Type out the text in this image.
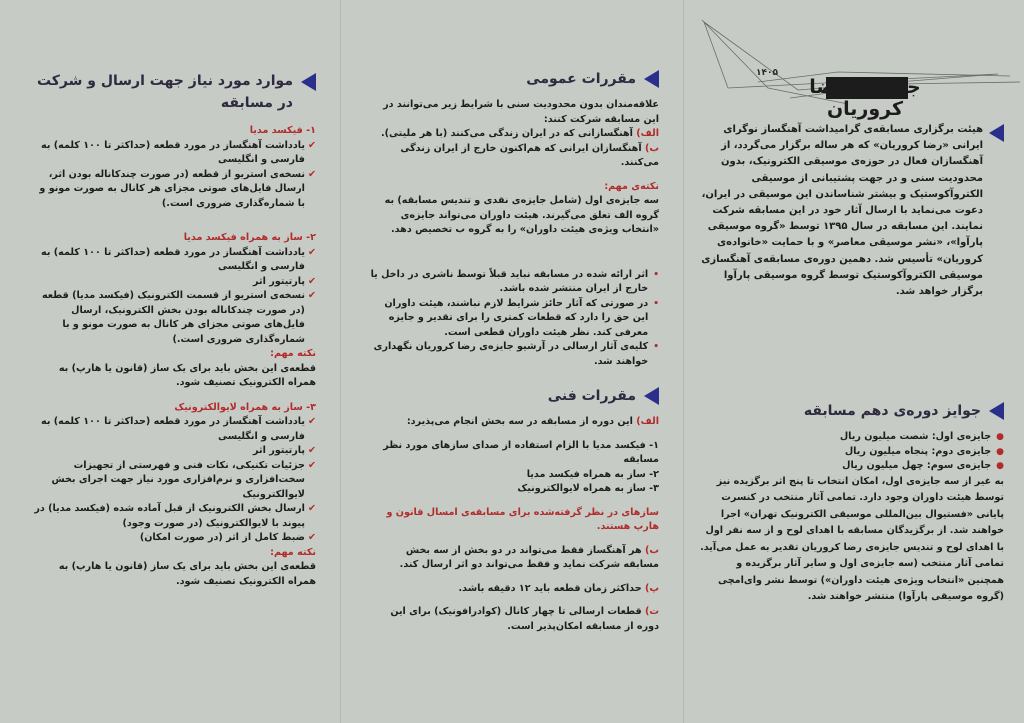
۱۴۰۵
جایزه‌ی رضا کروریان

هیئت برگزاری مسابقه‌ی گرامیداشت آهنگساز نوگرای ایرانی «رضا کروریان» که هر ساله برگزار می‌گردد، از آهنگسازان فعال در حوزه‌ی موسیقی الکترونیک، بدون محدودیت سنی و در جهت پشتیبانی از موسیقی الکتروآکوستیک و بیشتر شناساندن این موسیقی در ایران، دعوت می‌نماید با ارسال آثار خود در این مسابقه شرکت نمایند. این مسابقه در سال ۱۳۹۵ توسط «گروه موسیقی پارآوا»، «نشر موسیقی معاصر» و با حمایت «خانواده‌ی کروریان» تأسیس شد. دهمین دوره‌ی مسابقه‌ی آهنگسازی موسیقی الکتروآکوستیک توسط گروه موسیقی پارآوا برگزار خواهد شد.

جوایز دوره‌ی دهم مسابقه
●
جایزه‌ی اول: شصت میلیون ریال
●
جایزه‌ی دوم: پنجاه میلیون ریال
●
جایزه‌ی سوم: چهل میلیون ریال

به غیر از سه جایزه‌ی اول، امکان انتخاب تا پنج اثر برگزیده نیز توسط هیئت داوران وجود دارد. تمامی آثار منتخب در کنسرت پایانی «فستیوال بین‌المللی موسیقی الکترونیک تهران» اجرا خواهند شد. از برگزیدگان مسابقه با اهدای لوح و از سه نفر اول با اهدای لوح و تندیس جایزه‌ی رضا کروریان تقدیر به عمل می‌آید.

تمامی آثار منتخب (سه جایزه‌ی اول و سایر آثار برگزیده و همچنین «انتخاب ویژه‌ی هیئت داوران») توسط نشر وای‌امچی (گروه موسیقی پارآوا) منتشر خواهند شد.

مقررات عمومی

علاقه‌مندان بدون محدودیت سنی با شرایط زیر می‌توانند در این مسابقه شرکت کنند:

الف) آهنگسازانی که در ایران زندگی می‌کنند (با هر ملیتی).

ب) آهنگسازان ایرانی که هم‌اکنون خارج از ایران زندگی می‌کنند.

نکته‌ی مهم:

سه جایزه‌ی اول (شامل جایزه‌ی نقدی و تندیس مسابقه) به گروه الف تعلق می‌گیرند. هیئت داوران می‌تواند جایزه‌ی «انتخاب ویژه‌ی هیئت داوران» را به گروه ب تخصیص دهد.

•
اثر ارائه شده در مسابقه نباید قبلاً توسط ناشری در داخل یا خارج از ایران منتشر شده باشد.
•
در صورتی که آثار حائز شرایط لازم نباشند، هیئت داوران این حق را دارد که قطعات کمتری را برای تقدیر و جایزه معرفی کند. نظر هیئت داوران قطعی است.
•
کلیه‌ی آثار ارسالی در آرشیو جایزه‌ی رضا کروریان نگهداری خواهند شد.
مقررات فنی

الف) این دوره از مسابقه در سه بخش انجام می‌پذیرد:

۱- فیکسد مدیا با الزام استفاده از صدای سازهای مورد نظر مسابقه

۲- ساز به همراه فیکسد مدیا

۳- ساز به همراه لایوالکترونیک

سازهای در نظر گرفته‌شده برای مسابقه‌ی امسال قانون و هارپ هستند.

ب) هر آهنگساز فقط می‌تواند در دو بخش از سه بخش مسابقه شرکت نماید و فقط می‌تواند دو اثر ارسال کند.

پ) حداکثر زمان قطعه باید ۱۲ دقیقه باشد.

ت) قطعات ارسالی تا چهار کانال (کوادرافونیک) برای این دوره از مسابقه امکان‌پذیر است.

موارد مورد نیاز جهت ارسال و شرکت در مسابقه
۱- فیکسد مدیا
✔
یادداشت آهنگساز در مورد قطعه (حداکثر تا ۱۰۰ کلمه) به فارسی و انگلیسی
✔
نسخه‌ی استریو از قطعه (در صورت چندکاناله بودن اثر، ارسال فایل‌های صوتی مجزای هر کانال به صورت مونو و با شماره‌گذاری ضروری است.)
۲- ساز به همراه فیکسد مدیا
✔
یادداشت آهنگساز در مورد قطعه (حداکثر تا ۱۰۰ کلمه) به فارسی و انگلیسی
✔
پارتیتور اثر
✔
نسخه‌ی استریو از قسمت الکترونیک (فیکسد مدیا) قطعه (در صورت چندکاناله بودن بخش الکترونیک، ارسال فایل‌های صوتی مجزای هر کانال به صورت مونو و با شماره‌گذاری ضروری است.)
نکته مهم:

قطعه‌ی این بخش باید برای یک ساز (قانون یا هارپ) به همراه الکترونیک تصنیف شود.

۳- ساز به همراه لایوالکترونیک
✔
یادداشت آهنگساز در مورد قطعه (حداکثر تا ۱۰۰ کلمه) به فارسی و انگلیسی
✔
پارتیتور اثر
✔
جزئیات تکنیکی، نکات فنی و فهرستی از تجهیزات سخت‌افزاری و نرم‌افزاری مورد نیاز جهت اجرای بخش لایوالکترونیک
✔
ارسال بخش الکترونیک از قبل آماده شده (فیکسد مدیا) در پیوند با لایوالکترونیک (در صورت وجود)
✔
ضبط کامل از اثر (در صورت امکان)
نکته مهم:

قطعه‌ی این بخش باید برای یک ساز (قانون یا هارپ) به همراه الکترونیک تصنیف شود.
